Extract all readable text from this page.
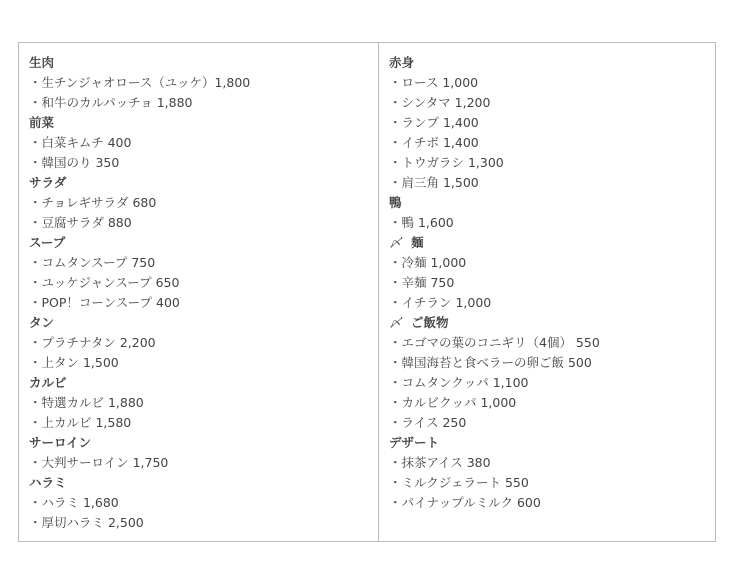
生肉
・生チンジャオロース（ユッケ）1,800
・和牛のカルパッチョ 1,880
前菜
・白菜キムチ 400
・韓国のり 350
サラダ
・チョレギサラダ 680
・豆腐サラダ 880
スープ
・コムタンスープ 750
・ユッケジャンスープ 650
・POP！コーンスープ 400
タン
・プラチナタン 2,200
・上タン 1,500
カルビ
・特選カルビ 1,880
・上カルビ 1,580
サーロイン
・大判サーロイン 1,750
ハラミ
・ハラミ 1,680
・厚切ハラミ 2,500
赤身
・ロース 1,000
・シンタマ 1,200
・ランプ 1,400
・イチボ 1,400
・トウガラシ 1,300
・肩三角 1,500
鴨
・鴨 1,600
〆 麺
・冷麺 1,000
・辛麺 750
・イチラン 1,000
〆 ご飯物
・エゴマの葉のコニギリ（4個） 550
・韓国海苔と食べラーの卵ご飯 500
・コムタンクッパ 1,100
・カルビクッパ 1,000
・ライス 250
デザート
・抹茶アイス 380
・ミルクジェラート 550
・パイナップルミルク 600
